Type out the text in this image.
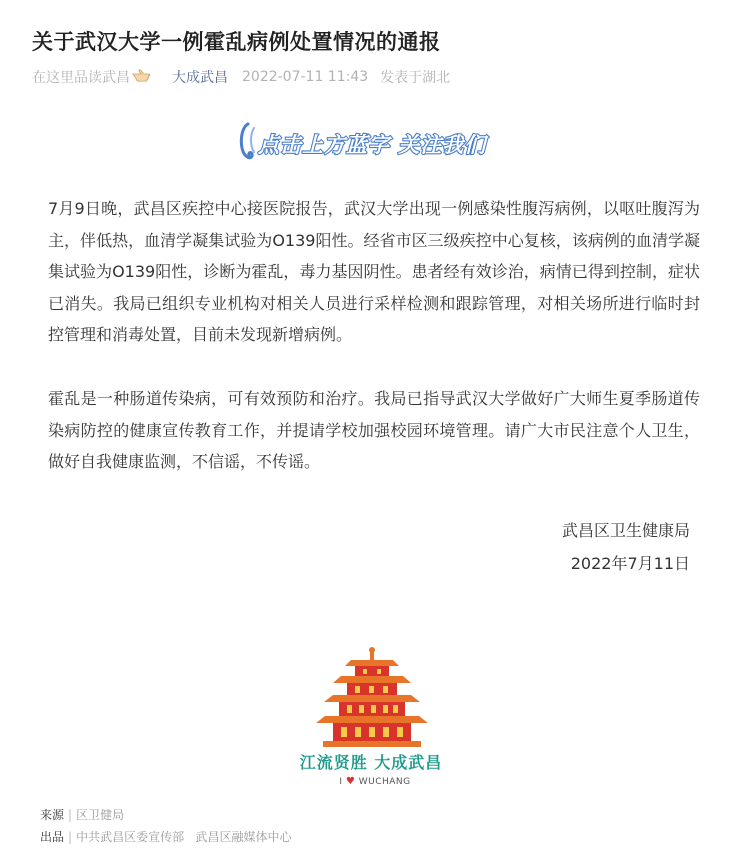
关于武汉大学一例霍乱病例处置情况的通报
在这里品读武昌	大成武昌 2022-07-11 11:43 发表于湖北
点击上方蓝字 关注我们

7月9日晚，武昌区疾控中心接医院报告，武汉大学出现一例感染性腹泻病例，以呕吐腹泻为主，伴低热，血清学凝集试验为O139阳性。经省市区三级疾控中心复核，该病例的血清学凝集试验为O139阳性，诊断为霍乱，毒力基因阴性。患者经有效诊治，病情已得到控制，症状已消失。我局已组织专业机构对相关人员进行采样检测和跟踪管理，对相关场所进行临时封控管理和消毒处置，目前未发现新增病例。

霍乱是一种肠道传染病，可有效预防和治疗。我局已指导武汉大学做好广大师生夏季肠道传染病防控的健康宣传教育工作，并提请学校加强校园环境管理。请广大市民注意个人卫生，做好自我健康监测，不信谣，不传谣。

武昌区卫生健康局
2022年7月11日
江流贤胜 大成武昌
I ♥ WUCHANG
来源 | 区卫健局
出品 | 中共武昌区委宣传部   武昌区融媒体中心
